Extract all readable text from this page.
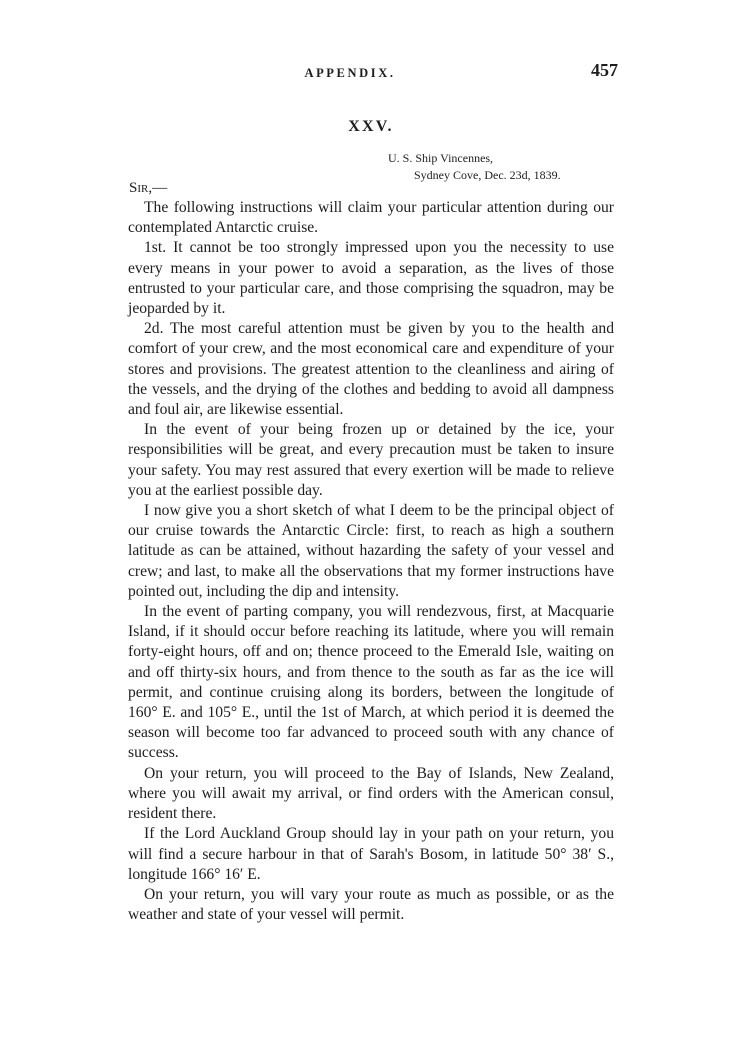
APPENDIX.	457
XXV.
U. S. Ship Vincennes,
Sydney Cove, Dec. 23d, 1839.
Sir,—

The following instructions will claim your particular attention during our contemplated Antarctic cruise.

1st. It cannot be too strongly impressed upon you the necessity to use every means in your power to avoid a separation, as the lives of those entrusted to your particular care, and those comprising the squadron, may be jeoparded by it.

2d. The most careful attention must be given by you to the health and comfort of your crew, and the most economical care and expenditure of your stores and provisions. The greatest attention to the cleanliness and airing of the vessels, and the drying of the clothes and bedding to avoid all dampness and foul air, are likewise essential.

In the event of your being frozen up or detained by the ice, your responsibilities will be great, and every precaution must be taken to insure your safety. You may rest assured that every exertion will be made to relieve you at the earliest possible day.

I now give you a short sketch of what I deem to be the principal object of our cruise towards the Antarctic Circle: first, to reach as high a southern latitude as can be attained, without hazarding the safety of your vessel and crew; and last, to make all the observations that my former instructions have pointed out, including the dip and intensity.

In the event of parting company, you will rendezvous, first, at Macquarie Island, if it should occur before reaching its latitude, where you will remain forty-eight hours, off and on; thence proceed to the Emerald Isle, waiting on and off thirty-six hours, and from thence to the south as far as the ice will permit, and continue cruising along its borders, between the longitude of 160° E. and 105° E., until the 1st of March, at which period it is deemed the season will become too far advanced to proceed south with any chance of success.

On your return, you will proceed to the Bay of Islands, New Zealand, where you will await my arrival, or find orders with the American consul, resident there.

If the Lord Auckland Group should lay in your path on your return, you will find a secure harbour in that of Sarah's Bosom, in latitude 50° 38′ S., longitude 166° 16′ E.

On your return, you will vary your route as much as possible, or as the weather and state of your vessel will permit.
